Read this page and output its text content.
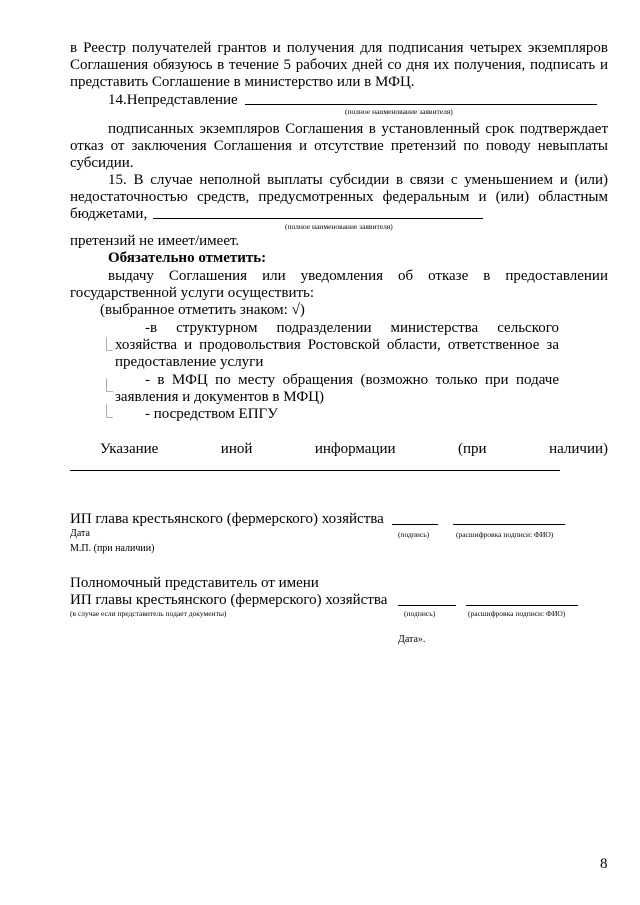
в Реестр получателей грантов и получения для подписания четырех экземпляров
Соглашения обязуюсь в течение 5 рабочих дней со дня их получения, подписать и
представить Соглашение в министерство или в МФЦ.
14.Непредставление
(полное наименование заявителя)
подписанных экземпляров Соглашения в установленный срок подтверждает
отказ от заключения Соглашения и отсутствие претензий по поводу невыплаты
субсидии.
15. В случае неполной выплаты субсидии в связи с уменьшением и (или)
недостаточностью средств, предусмотренных федеральным и (или) областным
бюджетами,
(полное наименование заявителя)
претензий не имеет/имеет.
Обязательно отметить:
выдачу Соглашения или уведомления об отказе в предоставлении
государственной услуги осуществить:
(выбранное отметить знаком: √)
-в структурном подразделении министерства сельского
⎿ хозяйства и продовольствия Ростовской области, ответственное за
предоставление услуги
- в МФЦ по месту обращения (возможно только при подаче
⎿
заявления и документов в МФЦ)
⎿ - посредством ЕПГУ
Указание иной информации (при наличии)
ИП глава крестьянского (фермерского) хозяйства
Дата	(подпись)	(расшифровка подписи: ФИО)
М.П. (при наличии)
Полномочный представитель от имени
ИП главы крестьянского (фермерского) хозяйства
(в случае если представитель подает документы)	(подпись)	(расшифровка подписи: ФИО)
Дата».
8
